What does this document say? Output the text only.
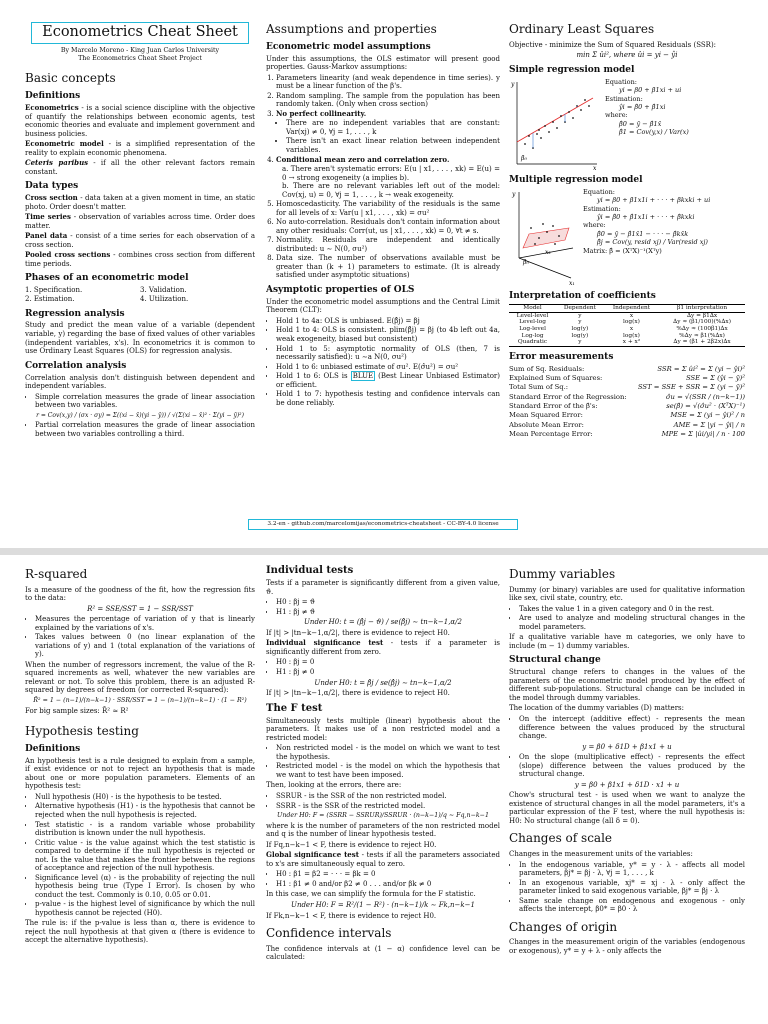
Econometrics Cheat Sheet
By Marcelo Moreno - King Juan Carlos University
The Econometrics Cheat Sheet Project
Basic concepts
Definitions

Econometrics - is a social science discipline with the objective of quantify the relationships between economic agents, test economic theories and evaluate and implement government and business policies.

Econometric model - is a simplified representation of the reality to explain economic phenomena.

Ceteris paribus - if all the other relevant factors remain constant.

Data types

Cross section - data taken at a given moment in time, an static photo. Order doesn't matter.

Time series - observation of variables across time. Order does matter.

Panel data - consist of a time series for each observation of a cross section.

Pooled cross sections - combines cross section from different time periods.

Phases of an econometric model
1. Specification.
2. Estimation.
3. Validation.
4. Utilization.
Regression analysis

Study and predict the mean value of a variable (dependent variable, y) regarding the base of fixed values of other variables (independent variables, x's). In econometrics it is common to use Ordinary Least Squares (OLS) for regression analysis.

Correlation analysis

Correlation analysis don't distinguish between dependent and independent variables.

• Simple correlation measures the grade of linear association between two variables.
r = Cov(x,y) / (σx · σy) = Σ((xi − x̄)(yi − ȳ)) / √(Σ(xi − x̄)² · Σ(yi − ȳ)²)
• Partial correlation measures the grade of linear association between two variables controlling a third.
Assumptions and properties
Econometric model assumptions

Under this assumptions, the OLS estimator will present good properties. Gauss-Markov assumptions:

1. Parameters linearity (and weak dependence in time series). y must be a linear function of the β's.
2. Random sampling. The sample from the population has been randomly taken. (Only when cross section)
3. No perfect collinearity.
• There are no independent variables that are constant: Var(xj) ≠ 0, ∀j = 1, . . . , k
• There isn't an exact linear relation between independent variables.
4. Conditional mean zero and correlation zero.
a. There aren't systematic errors: E(u | x1, . . . , xk) = E(u) = 0 → strong exogeneity (a implies b).
b. There are no relevant variables left out of the model: Cov(xj, u) = 0, ∀j = 1, . . . , k → weak exogeneity.
5. Homoscedasticity. The variability of the residuals is the same for all levels of x: Var(u | x1, . . . , xk) = σu²
6. No auto-correlation. Residuals don't contain information about any other residuals: Corr(ut, us | x1, . . . , xk) = 0, ∀t ≠ s.
7. Normality. Residuals are independent and identically distributed: u ∼ N(0, σu²)
8. Data size. The number of observations available must be greater than (k + 1) parameters to estimate. (It is already satisfied under asymptotic situations)
Asymptotic properties of OLS

Under the econometric model assumptions and the Central Limit Theorem (CLT):

• Hold 1 to 4a: OLS is unbiased. E(β̂j) = βj
• Hold 1 to 4: OLS is consistent. plim(β̂j) = βj (to 4b left out 4a, weak exogeneity, biased but consistent)
• Hold 1 to 5: asymptotic normality of OLS (then, 7 is necessarily satisfied): u ∼a N(0, σu²)
• Hold 1 to 6: unbiased estimate of σu². E(σ̂u²) = σu²
• Hold 1 to 6: OLS is BLUE (Best Linear Unbiased Estimator) or efficient.
• Hold 1 to 7: hypothesis testing and confidence intervals can be done reliably.
Ordinary Least Squares

Objective - minimize the Sum of Squared Residuals (SSR):

min Σ ûi², where ûi = yi − ŷi
Simple regression model
y
x
β₀
Equation:
yi = β0 + β1xi + ui
Estimation:
ŷi = β̂0 + β̂1xi
where:
β̂0 = ȳ − β̂1x̄
β̂1 = Cov(y,x) / Var(x)
Multiple regression model
y
x₁
x₂
β₀
Equation:
yi = β0 + β1x1i + · · · + βkxki + ui
Estimation:
ŷi = β̂0 + β̂1x1i + · · · + β̂kxki
where:
β̂0 = ȳ − β̂1x̄1 − · · · − β̂kx̄k
β̂j = Cov(y, resid xj) / Var(resid xj)
Matrix: β̂ = (XᵀX)⁻¹(Xᵀy)
Interpretation of coefficients
Model	Dependent	Independent	β1 interpretation
Level-level	y	x	∆y = β1∆x
Level-log	y	log(x)	∆y ≈ (β1/100)(%∆x)
Log-level	log(y)	x	%∆y ≈ (100β1)∆x
Log-log	log(y)	log(x)	%∆y ≈ β1(%∆x)
Quadratic	y	x + x²	∆y = (β1 + 2β2x)∆x
Error measurements
Sum of Sq. Residuals:	SSR = Σ ûi² = Σ (yi − ŷi)²
Explained Sum of Squares:	SSE = Σ (ŷi − ȳ)²
Total Sum of Sq.:	SST = SSE + SSR = Σ (yi − ȳ)²
Standard Error of the Regression:	σ̂u = √(SSR / (n−k−1))
Standard Error of the β̂'s:	se(β̂) = √(σ̂u² · (XᵀX)⁻¹)
Mean Squared Error:	MSE = Σ (yi − ŷi)² / n
Absolute Mean Error:	AME = Σ |yi − ŷi| / n
Mean Percentage Error:	MPE = Σ |ûi/yi| / n · 100
3.2-en - github.com/marcelomijas/econometrics-cheatsheet - CC-BY-4.0 license
R-squared

Is a measure of the goodness of the fit, how the regression fits to the data:

R² = SSE/SST = 1 − SSR/SST
• Measures the percentage of variation of y that is linearly explained by the variations of x's.
• Takes values between 0 (no linear explanation of the variations of y) and 1 (total explanation of the variations of y).

When the number of regressors increment, the value of the R-squared increments as well, whatever the new variables are relevant or not. To solve this problem, there is an adjusted R-squared by degrees of freedom (or corrected R-squared):

R̄² = 1 − (n−1)/(n−k−1) · SSR/SST = 1 − (n−1)/(n−k−1) · (1 − R²)

For big sample sizes: R̄² ≈ R²

Hypothesis testing
Definitions

An hypothesis test is a rule designed to explain from a sample, if exist evidence or not to reject an hypothesis that is made about one or more population parameters. Elements of an hypothesis test:

• Null hypothesis (H0) - is the hypothesis to be tested.
• Alternative hypothesis (H1) - is the hypothesis that cannot be rejected when the null hypothesis is rejected.
• Test statistic - is a random variable whose probability distribution is known under the null hypothesis.
• Critic value - is the value against which the test statistic is compared to determine if the null hypothesis is rejected or not. Is the value that makes the frontier between the regions of acceptance and rejection of the null hypothesis.
• Significance level (α) - is the probability of rejecting the null hypothesis being true (Type I Error). Is chosen by who conduct the test. Commonly is 0.10, 0.05 or 0.01.
• p-value - is the highest level of significance by which the null hypothesis cannot be rejected (H0).

The rule is: if the p-value is less than α, there is evidence to reject the null hypothesis at that given α (there is evidence to accept the alternative hypothesis).

Individual tests

Tests if a parameter is significantly different from a given value, ϑ.

• H0 : βj = ϑ
• H1 : βj ≠ ϑ
Under H0: t = (β̂j − ϑ) / se(β̂j) ∼ tn−k−1,α/2

If |t| > |tn−k−1,α/2|, there is evidence to reject H0.

Individual significance test - tests if a parameter is significantly different from zero.

• H0 : βj = 0
• H1 : βj ≠ 0
Under H0: t = β̂j / se(β̂j) ∼ tn−k−1,α/2

If |t| > |tn−k−1,α/2|, there is evidence to reject H0.

The F test

Simultaneously tests multiple (linear) hypothesis about the parameters. It makes use of a non restricted model and a restricted model:

• Non restricted model - is the model on which we want to test the hypothesis.
• Restricted model - is the model on which the hypothesis that we want to test have been imposed.

Then, looking at the errors, there are:

• SSRUR - is the SSR of the non restricted model.
• SSRR - is the SSR of the restricted model.
Under H0: F = (SSRR − SSRUR)/SSRUR · (n−k−1)/q ∼ Fq,n−k−1

where k is the number of parameters of the non restricted model and q is the number of linear hypothesis tested.

If Fq,n−k−1 < F, there is evidence to reject H0.

Global significance test - tests if all the parameters associated to x's are simultaneously equal to zero.

• H0 : β1 = β2 = · · · = βk = 0
• H1 : β1 ≠ 0 and/or β2 ≠ 0 . . . and/or βk ≠ 0

In this case, we can simplify the formula for the F statistic.

Under H0: F = R²/(1 − R²) · (n−k−1)/k ∼ Fk,n−k−1

If Fk,n−k−1 < F, there is evidence to reject H0.

Confidence intervals

The confidence intervals at (1 − α) confidence level can be calculated:

Dummy variables

Dummy (or binary) variables are used for qualitative information like sex, civil state, country, etc.

• Takes the value 1 in a given category and 0 in the rest.
• Are used to analyze and modeling structural changes in the model parameters.

If a qualitative variable have m categories, we only have to include (m − 1) dummy variables.

Structural change

Structural change refers to changes in the values of the parameters of the econometric model produced by the effect of different sub-populations. Structural change can be included in the model through dummy variables.

The location of the dummy variables (D) matters:

• On the intercept (additive effect) - represents the mean difference between the values produced by the structural change.
y = β0 + δ1D + β1x1 + u
• On the slope (multiplicative effect) - represents the effect (slope) difference between the values produced by the structural change.
y = β0 + β1x1 + δ1D · x1 + u

Chow's structural test - is used when we want to analyze the existence of structural changes in all the model parameters, it's a particular expression of the F test, where the null hypothesis is: H0: No structural change (all δ = 0).

Changes of scale

Changes in the measurement units of the variables:

• In the endogenous variable, y* = y · λ - affects all model parameters, βj* = βj · λ, ∀j = 1, . . . , k
• In an exogenous variable, xj* = xj · λ - only affect the parameter linked to said exogenous variable, βj* = βj · λ
• Same scale change on endogenous and exogenous - only affects the intercept, β0* = β0 · λ
Changes of origin

Changes in the measurement origin of the variables (endogenous or exogenous), y* = y + λ - only affects the
